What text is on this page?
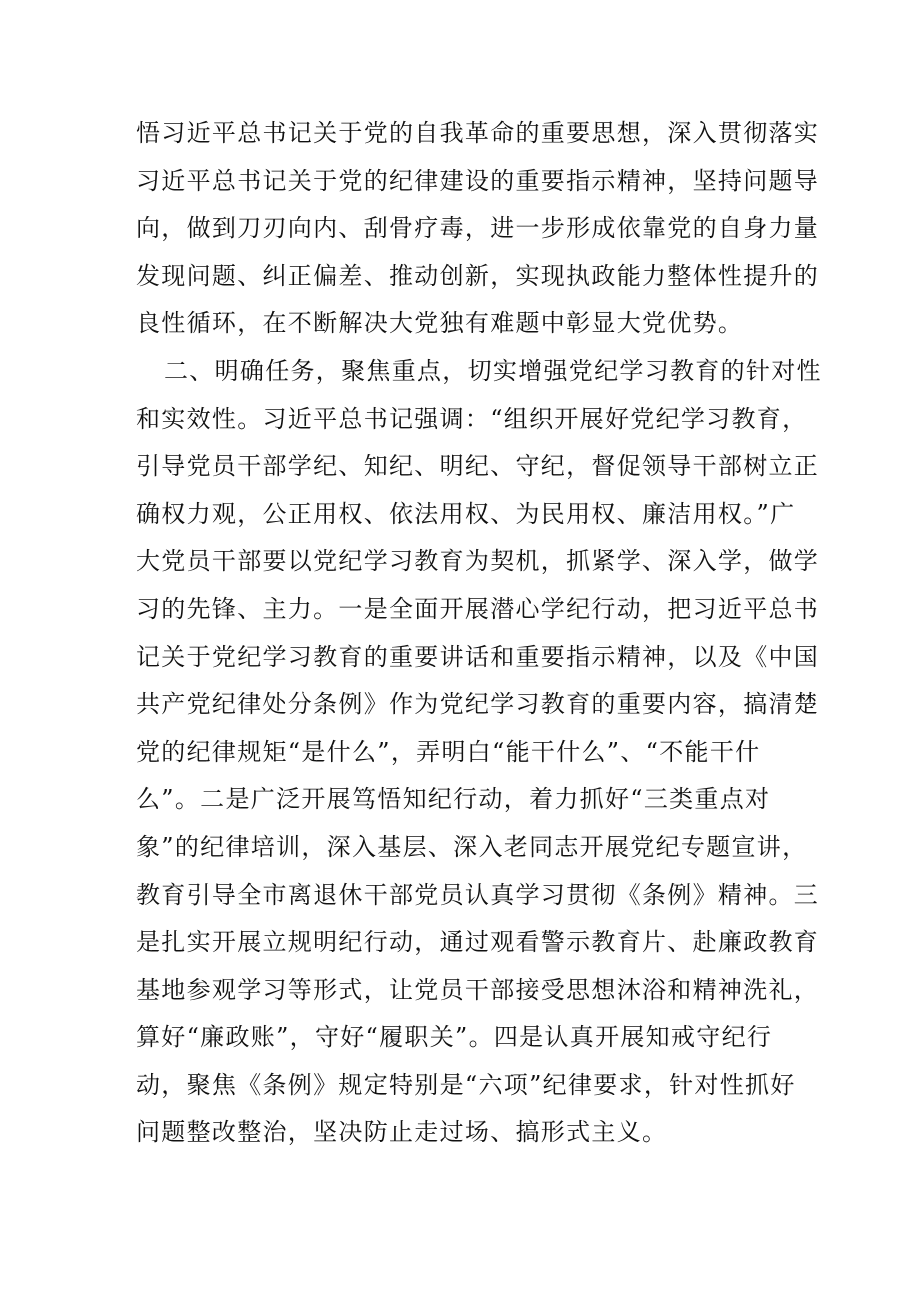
悟习近平总书记关于党的自我革命的重要思想，深入贯彻落实
习近平总书记关于党的纪律建设的重要指示精神，坚持问题导
向，做到刀刃向内、刮骨疗毒，进一步形成依靠党的自身力量
发现问题、纠正偏差、推动创新，实现执政能力整体性提升的
良性循环，在不断解决大党独有难题中彰显大党优势。
二、明确任务，聚焦重点，切实增强党纪学习教育的针对性
和实效性。习近平总书记强调：“组织开展好党纪学习教育，
引导党员干部学纪、知纪、明纪、守纪，督促领导干部树立正
确权力观，公正用权、依法用权、为民用权、廉洁用权。”广
大党员干部要以党纪学习教育为契机，抓紧学、深入学，做学
习的先锋、主力。一是全面开展潜心学纪行动，把习近平总书
记关于党纪学习教育的重要讲话和重要指示精神，以及《中国
共产党纪律处分条例》作为党纪学习教育的重要内容，搞清楚
党的纪律规矩“是什么”，弄明白“能干什么”、“不能干什
么”。二是广泛开展笃悟知纪行动，着力抓好“三类重点对
象”的纪律培训，深入基层、深入老同志开展党纪专题宣讲，
教育引导全市离退休干部党员认真学习贯彻《条例》精神。三
是扎实开展立规明纪行动，通过观看警示教育片、赴廉政教育
基地参观学习等形式，让党员干部接受思想沐浴和精神洗礼，
算好“廉政账”，守好“履职关”。四是认真开展知戒守纪行
动，聚焦《条例》规定特别是“六项”纪律要求，针对性抓好
问题整改整治，坚决防止走过场、搞形式主义。
